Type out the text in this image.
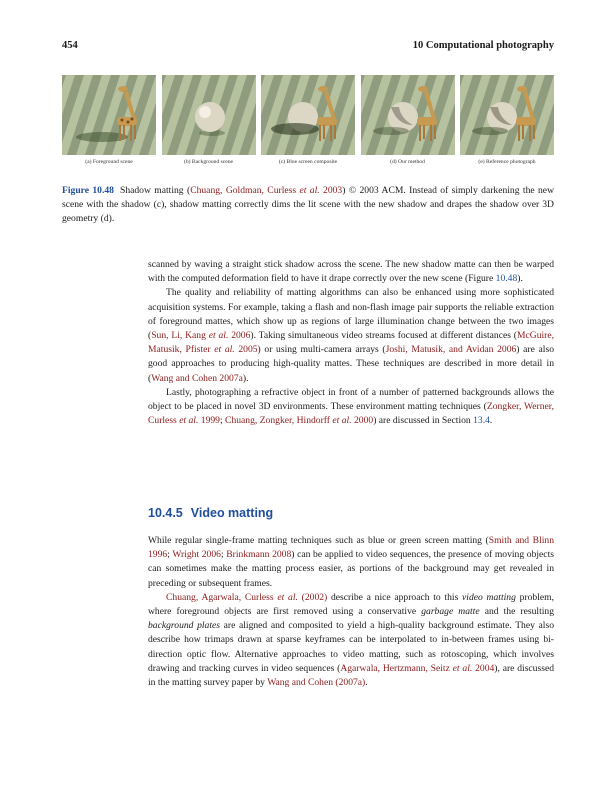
454	10 Computational photography
(a) Foreground scene	(b) Background scene	(c) Blue screen composite	(d) Our method	(e) Reference photograph
Figure 10.48 Shadow matting (Chuang, Goldman, Curless et al. 2003) © 2003 ACM. Instead of simply darkening the new scene with the shadow (c), shadow matting correctly dims the lit scene with the new shadow and drapes the shadow over 3D geometry (d).

scanned by waving a straight stick shadow across the scene. The new shadow matte can then be warped with the computed deformation field to have it drape correctly over the new scene (Figure 10.48).

The quality and reliability of matting algorithms can also be enhanced using more sophisticated acquisition systems. For example, taking a flash and non-flash image pair supports the reliable extraction of foreground mattes, which show up as regions of large illumination change between the two images (Sun, Li, Kang et al. 2006). Taking simultaneous video streams focused at different distances (McGuire, Matusik, Pfister et al. 2005) or using multi-camera arrays (Joshi, Matusik, and Avidan 2006) are also good approaches to producing high-quality mattes. These techniques are described in more detail in (Wang and Cohen 2007a).

Lastly, photographing a refractive object in front of a number of patterned backgrounds allows the object to be placed in novel 3D environments. These environment matting techniques (Zongker, Werner, Curless et al. 1999; Chuang, Zongker, Hindorff et al. 2000) are discussed in Section 13.4.

10.4.5 Video matting

While regular single-frame matting techniques such as blue or green screen matting (Smith and Blinn 1996; Wright 2006; Brinkmann 2008) can be applied to video sequences, the presence of moving objects can sometimes make the matting process easier, as portions of the background may get revealed in preceding or subsequent frames.

Chuang, Agarwala, Curless et al. (2002) describe a nice approach to this video matting problem, where foreground objects are first removed using a conservative garbage matte and the resulting background plates are aligned and composited to yield a high-quality background estimate. They also describe how trimaps drawn at sparse keyframes can be interpolated to in-between frames using bi-direction optic flow. Alternative approaches to video matting, such as rotoscoping, which involves drawing and tracking curves in video sequences (Agarwala, Hertzmann, Seitz et al. 2004), are discussed in the matting survey paper by Wang and Cohen (2007a).
